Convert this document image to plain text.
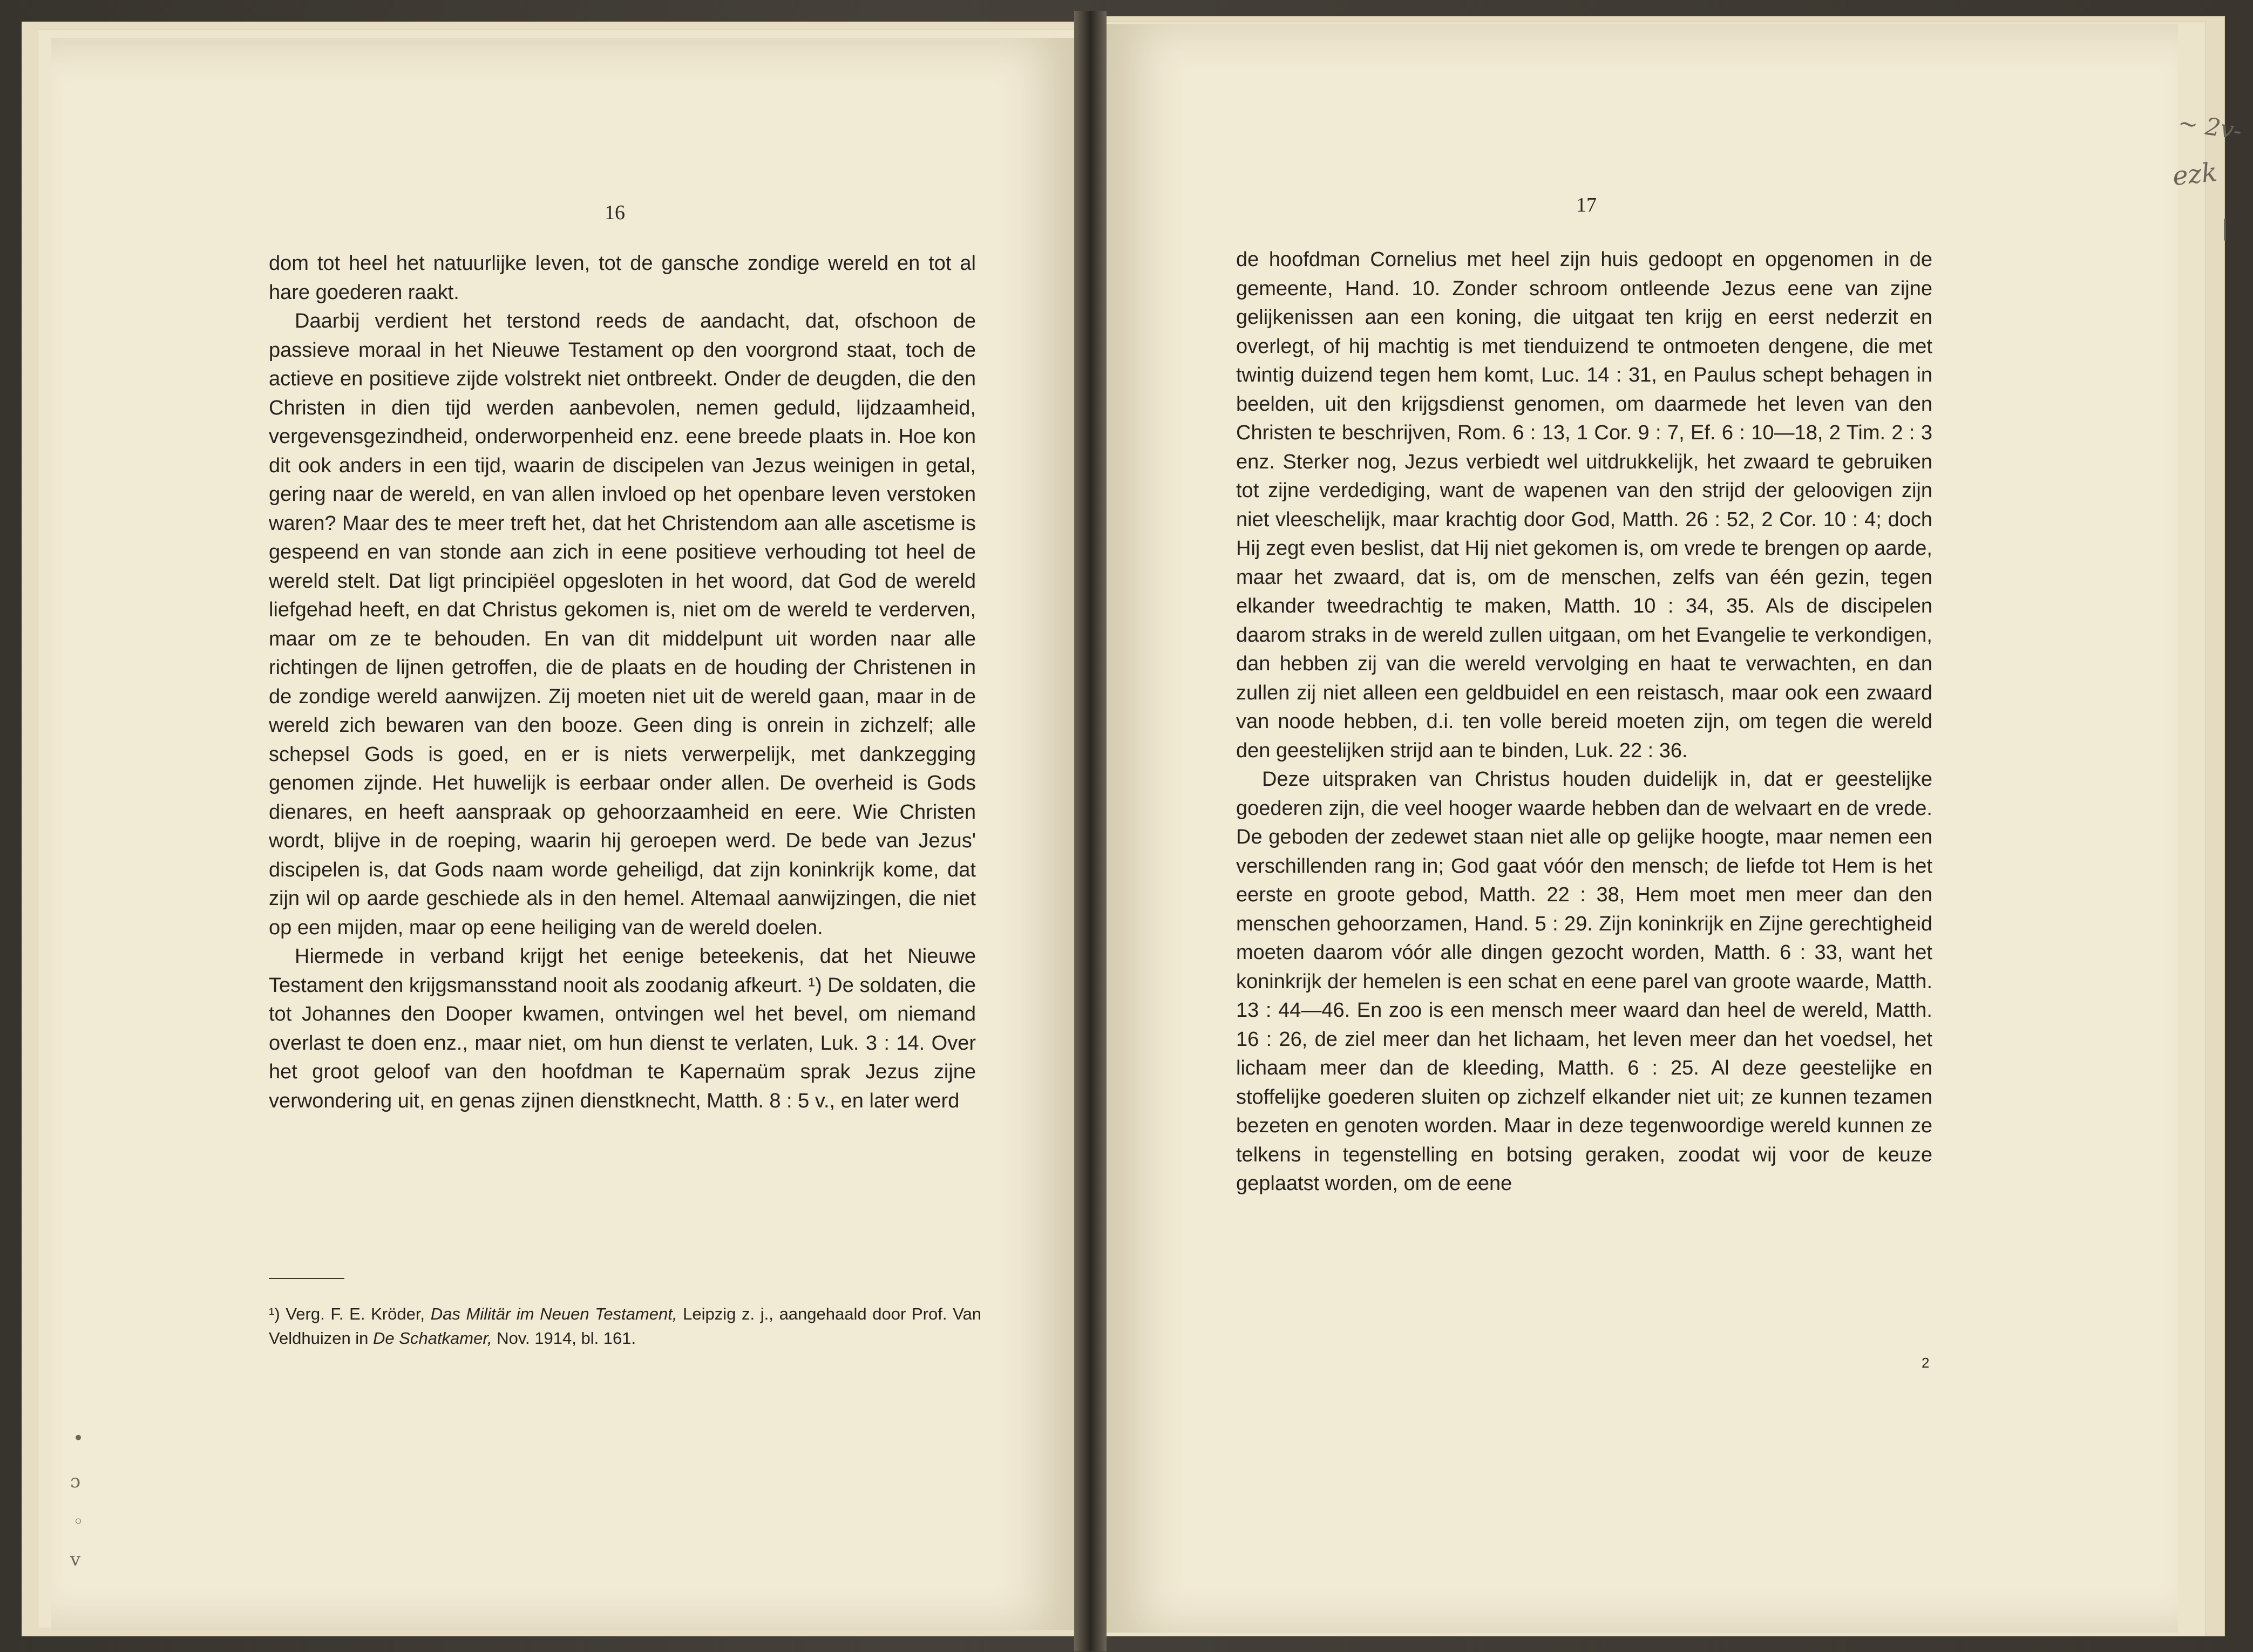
16	17

dom tot heel het natuurlijke leven, tot de gansche zondige wereld en tot al hare goederen raakt.

Daarbij verdient het terstond reeds de aandacht, dat, ofschoon de passieve moraal in het Nieuwe Testament op den voorgrond staat, toch de actieve en positieve zijde volstrekt niet ontbreekt. Onder de deugden, die den Christen in dien tijd werden aanbevolen, nemen geduld, lijdzaamheid, vergevensgezindheid, onderworpenheid enz. eene breede plaats in. Hoe kon dit ook anders in een tijd, waarin de discipelen van Jezus weinigen in getal, gering naar de wereld, en van allen invloed op het openbare leven verstoken waren? Maar des te meer treft het, dat het Christendom aan alle ascetisme is gespeend en van stonde aan zich in eene positieve verhouding tot heel de wereld stelt. Dat ligt principiëel opgesloten in het woord, dat God de wereld liefgehad heeft, en dat Christus gekomen is, niet om de wereld te verderven, maar om ze te behouden. En van dit middelpunt uit worden naar alle richtingen de lijnen getroffen, die de plaats en de houding der Christenen in de zondige wereld aanwijzen. Zij moeten niet uit de wereld gaan, maar in de wereld zich bewaren van den booze. Geen ding is onrein in zichzelf; alle schepsel Gods is goed, en er is niets verwerpelijk, met dankzegging genomen zijnde. Het huwelijk is eerbaar onder allen. De overheid is Gods dienares, en heeft aanspraak op gehoorzaamheid en eere. Wie Christen wordt, blijve in de roeping, waarin hij geroepen werd. De bede van Jezus' discipelen is, dat Gods naam worde geheiligd, dat zijn koninkrijk kome, dat zijn wil op aarde geschiede als in den hemel. Altemaal aanwijzingen, die niet op een mijden, maar op eene heiliging van de wereld doelen.

Hiermede in verband krijgt het eenige beteekenis, dat het Nieuwe Testament den krijgsmansstand nooit als zoodanig afkeurt. ¹) De soldaten, die tot Johannes den Dooper kwamen, ontvingen wel het bevel, om niemand overlast te doen enz., maar niet, om hun dienst te verlaten, Luk. 3 : 14. Over het groot geloof van den hoofdman te Kapernaüm sprak Jezus zijne verwondering uit, en genas zijnen dienstknecht, Matth. 8 : 5 v., en later werd

¹) Verg. F. E. Kröder, Das Militär im Neuen Testament, Leipzig z. j., aangehaald door Prof. Van Veldhuizen in De Schatkamer, Nov. 1914, bl. 161.

de hoofdman Cornelius met heel zijn huis gedoopt en opgenomen in de gemeente, Hand. 10. Zonder schroom ontleende Jezus eene van zijne gelijkenissen aan een koning, die uitgaat ten krijg en eerst nederzit en overlegt, of hij machtig is met tienduizend te ontmoeten dengene, die met twintig duizend tegen hem komt, Luc. 14 : 31, en Paulus schept behagen in beelden, uit den krijgsdienst genomen, om daarmede het leven van den Christen te beschrijven, Rom. 6 : 13, 1 Cor. 9 : 7, Ef. 6 : 10—18, 2 Tim. 2 : 3 enz. Sterker nog, Jezus verbiedt wel uitdrukkelijk, het zwaard te gebruiken tot zijne verdediging, want de wapenen van den strijd der geloovigen zijn niet vleeschelijk, maar krachtig door God, Matth. 26 : 52, 2 Cor. 10 : 4; doch Hij zegt even beslist, dat Hij niet gekomen is, om vrede te brengen op aarde, maar het zwaard, dat is, om de menschen, zelfs van één gezin, tegen elkander tweedrachtig te maken, Matth. 10 : 34, 35. Als de discipelen daarom straks in de wereld zullen uitgaan, om het Evangelie te verkondigen, dan hebben zij van die wereld vervolging en haat te verwachten, en dan zullen zij niet alleen een geldbuidel en een reistasch, maar ook een zwaard van noode hebben, d.i. ten volle bereid moeten zijn, om tegen die wereld den geestelijken strijd aan te binden, Luk. 22 : 36.

Deze uitspraken van Christus houden duidelijk in, dat er geestelijke goederen zijn, die veel hooger waarde hebben dan de welvaart en de vrede. De geboden der zedewet staan niet alle op gelijke hoogte, maar nemen een verschillenden rang in; God gaat vóór den mensch; de liefde tot Hem is het eerste en groote gebod, Matth. 22 : 38, Hem moet men meer dan den menschen gehoorzamen, Hand. 5 : 29. Zijn koninkrijk en Zijne gerechtigheid moeten daarom vóór alle dingen gezocht worden, Matth. 6 : 33, want het koninkrijk der hemelen is een schat en eene parel van groote waarde, Matth. 13 : 44—46. En zoo is een mensch meer waard dan heel de wereld, Matth. 16 : 26, de ziel meer dan het lichaam, het leven meer dan het voedsel, het lichaam meer dan de kleeding, Matth. 6 : 25. Al deze geestelijke en stoffelijke goederen sluiten op zichzelf elkander niet uit; ze kunnen tezamen bezeten en genoten worden. Maar in deze tegenwoordige wereld kunnen ze telkens in tegenstelling en botsing geraken, zoodat wij voor de keuze geplaatst worden, om de eene

2
~ 2v-
ezk
|
•
ɔ
◦
v
